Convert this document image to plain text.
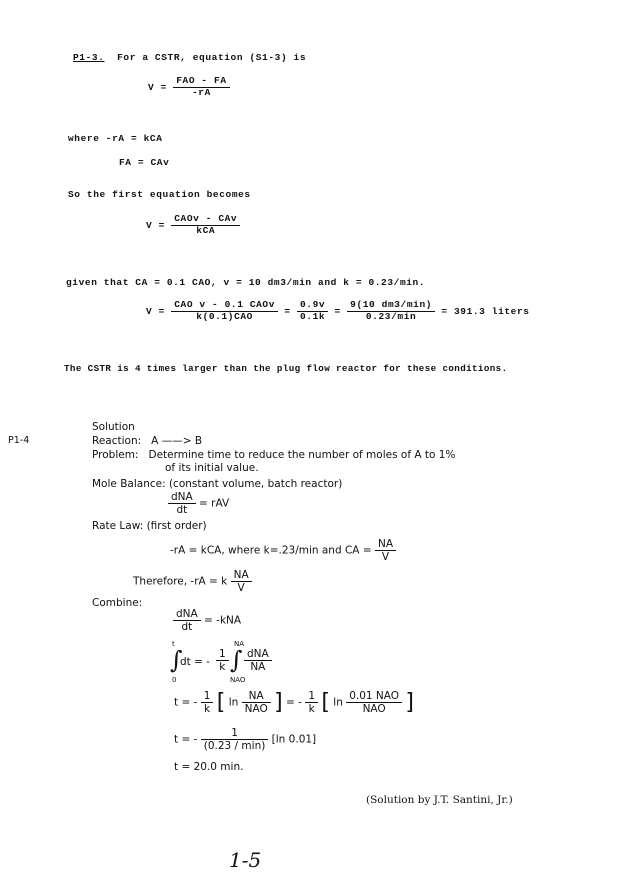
P1-3. For a CSTR, equation (S1-3) is
$V = \frac{\text{FAO - FA}}{-rA}$
where -rA = kCA
FA = CAv
So the first equation becomes
$V = \frac{\text{CAOv - CAv}}{\text{kCA}}$
given that CA = 0.1 CAO, v = 10 dm3/min and k = 0.23/min.
$V = \frac{\text{CAO v - 0.1 CAOv}}{\text{k(0.1)CAO}} = \frac{0.9v}{0.1k} = \frac{9(10 dm3/\min)}{0.23/\min} = 391.3$ liters
The CSTR is 4 times larger than the plug flow reactor for these conditions.
Solution
P1-4	Reaction: A ——> B
Problem: Determine time to reduce the number of moles of A to 1%
of its initial value.
Mole Balance: (constant volume, batch reactor)
$\frac{\text{dNA}}{dt}$ = rAV
Rate Law: (first order)
-rA = kCA, where k=.23/min and CA = $\frac{NA}{V}$
Therefore, -rA = k $\frac{NA}{V}$
Combine:
$\frac{\text{dNA}}{dt} = -kNA$
∫
t
0
dt = - $\frac{1}{k}$ ∫
NA
NAO
dNA
NA
t = - $\frac{1}{k}$ [ $\ln \frac{NA}{\text{NAO}}$ ] = - $\frac{1}{k}$ [ $\ln \frac{\text{0.01 NAO}}{\text{NAO}}$ ]
t = - $\frac{1}{(0.23 / \min)} [\ln$ 0.01]
t = 20.0 min.
(Solution by J.T. Santini, Jr.)
1-5
